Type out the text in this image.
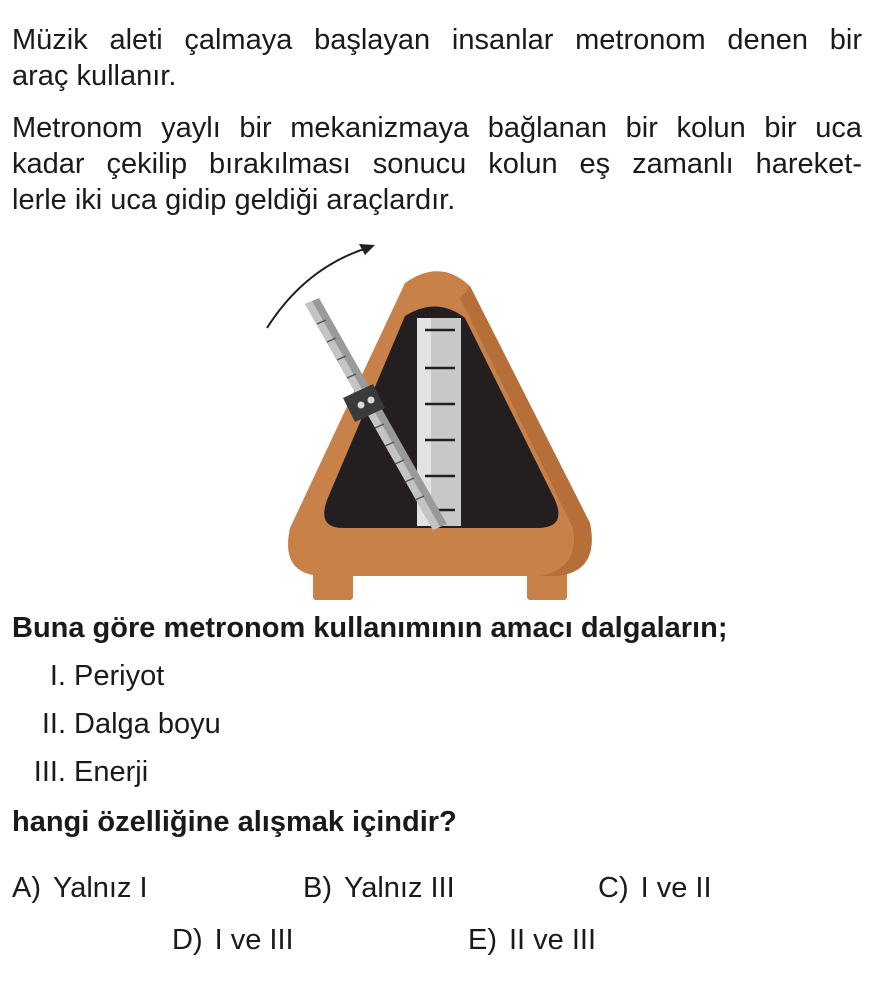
Müzik aleti çalmaya başlayan insanlar metronom denen bir
araç kullanır.

Metronom yaylı bir mekanizmaya bağlanan bir kolun bir uca
kadar çekilip bırakılması sonucu kolun eş zamanlı hareket-
lerle iki uca gidip geldiği araçlardır.

Buna göre metronom kullanımının amacı dalgaların;

I. Periyot
II. Dalga boyu
III. Enerji

hangi özelliğine alışmak içindir?

A) Yalnız I	B) Yalnız III	C) I ve II
D) I ve III	E) II ve III
